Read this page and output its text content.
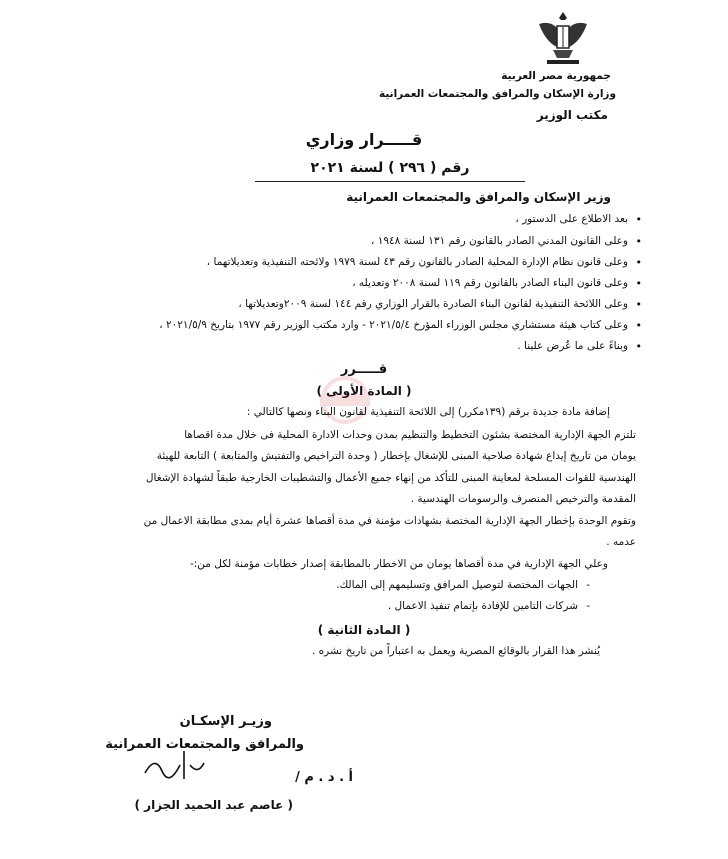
جمهورية مصر العربية
وزارة الإسكان والمرافق والمجتمعات العمرانية
مكتب الوزير
قـــــرار وزاري
رقم ( ٢٩٦ ) لسنة ٢٠٢١
وزير الإسكان والمرافق والمجتمعات العمرانية
• بعد الاطلاع على الدستور ،
• وعلى القانون المدني الصادر بالقانون رقم ١٣١ لسنة ١٩٤٨ ،
• وعلى قانون نظام الإدارة المحلية الصادر بالقانون رقم ٤٣ لسنة ١٩٧٩ ولائحته التنفيذية وتعديلاتهما ،
• وعلى قانون البناء الصادر بالقانون رقم ١١٩ لسنة ٢٠٠٨ وتعديله ،
• وعلى اللائحة التنفيذية لقانون البناء الصادرة بالقرار الوزاري رقم ١٤٤ لسنة ٢٠٠٩وتعديلاتها ،
• وعلى كتاب هيئة مستشاري مجلس الوزراء المؤرخ ٢٠٢١/٥/٤ - وارد مكتب الوزير رقم ١٩٧٧ بتاريخ ٢٠٢١/٥/٩ ،
• وبناءً على ما عُرض علينا .
قـــــرر
( المادة الأولى )
إضافة مادة جديدة برقم (١٣٩مكرر) إلى اللائحة التنفيذية لقانون البناء ونصها كالتالي :
تلتزم الجهة الإدارية المختصة بشئون التخطيط والتنظيم بمدن وحدات الادارة المحلية فى خلال مدة اقصاها
يومان من تاريخ إيداع شهادة صلاحية المبنى للإشغال بإخطار ( وحدة التراخيص والتفتيش والمتابعة ) التابعة للهيئة
الهندسية للقوات المسلحة لمعاينة المبنى للتأكد من إنهاء جميع الأعمال والتشطيبات الخارجية طبقاً لشهادة الإشغال
المقدمة والترخيص المنصرف والرسومات الهندسية .
وتقوم الوحدة بإخطار الجهة الإدارية المختصة بشهادات مؤمنة في مدة أقصاها عشرة أيام بمدى مطابقة الاعمال من
عدمه .
وعلي الجهة الإدارية في مدة أقصاها يومان من الاخطار بالمطابقة إصدار خطابات مؤمنة لكل من:-
- الجهات المختصة لتوصيل المرافق وتسليمهم إلى المالك.
- شركات التامين للإفادة بإتمام تنفيذ الاعمال .
( المادة الثانية )
يُنشر هذا القرار بالوقائع المصرية ويعمل به اعتباراً من تاريخ نشره .
وزيـر الإسكـان
والمرافق والمجتمعات العمرانية
أ . د . م /
( عاصم عبد الحميد الجزار )
